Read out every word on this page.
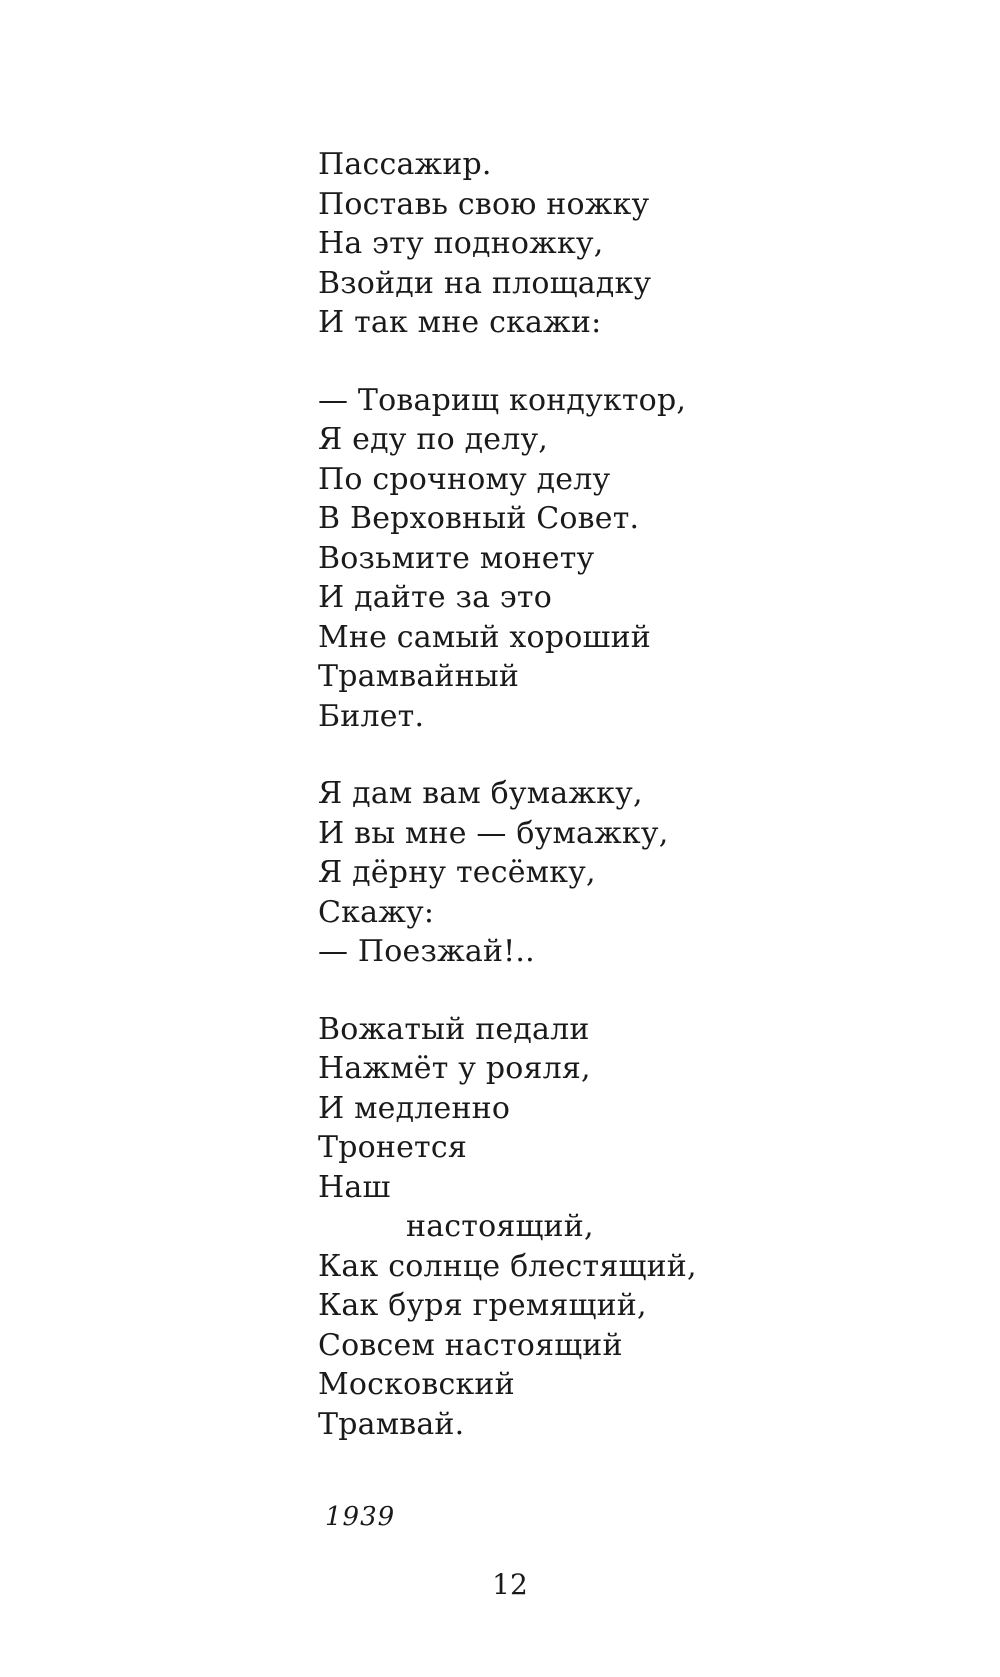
Пассажир.
Поставь свою ножку
На эту подножку,
Взойди на площадку
И так мне скажи:
— Товарищ кондуктор,
Я еду по делу,
По срочному делу
В Верховный Совет.
Возьмите монету
И дайте за это
Мне самый хороший
Трамвайный
Билет.
Я дам вам бумажку,
И вы мне — бумажку,
Я дёрну тесёмку,
Скажу:
— Поезжай!..
Вожатый педали
Нажмёт у рояля,
И медленно
Тронется
Наш
настоящий,
Как солнце блестящий,
Как буря гремящий,
Совсем настоящий
Московский
Трамвай.
1939
12
